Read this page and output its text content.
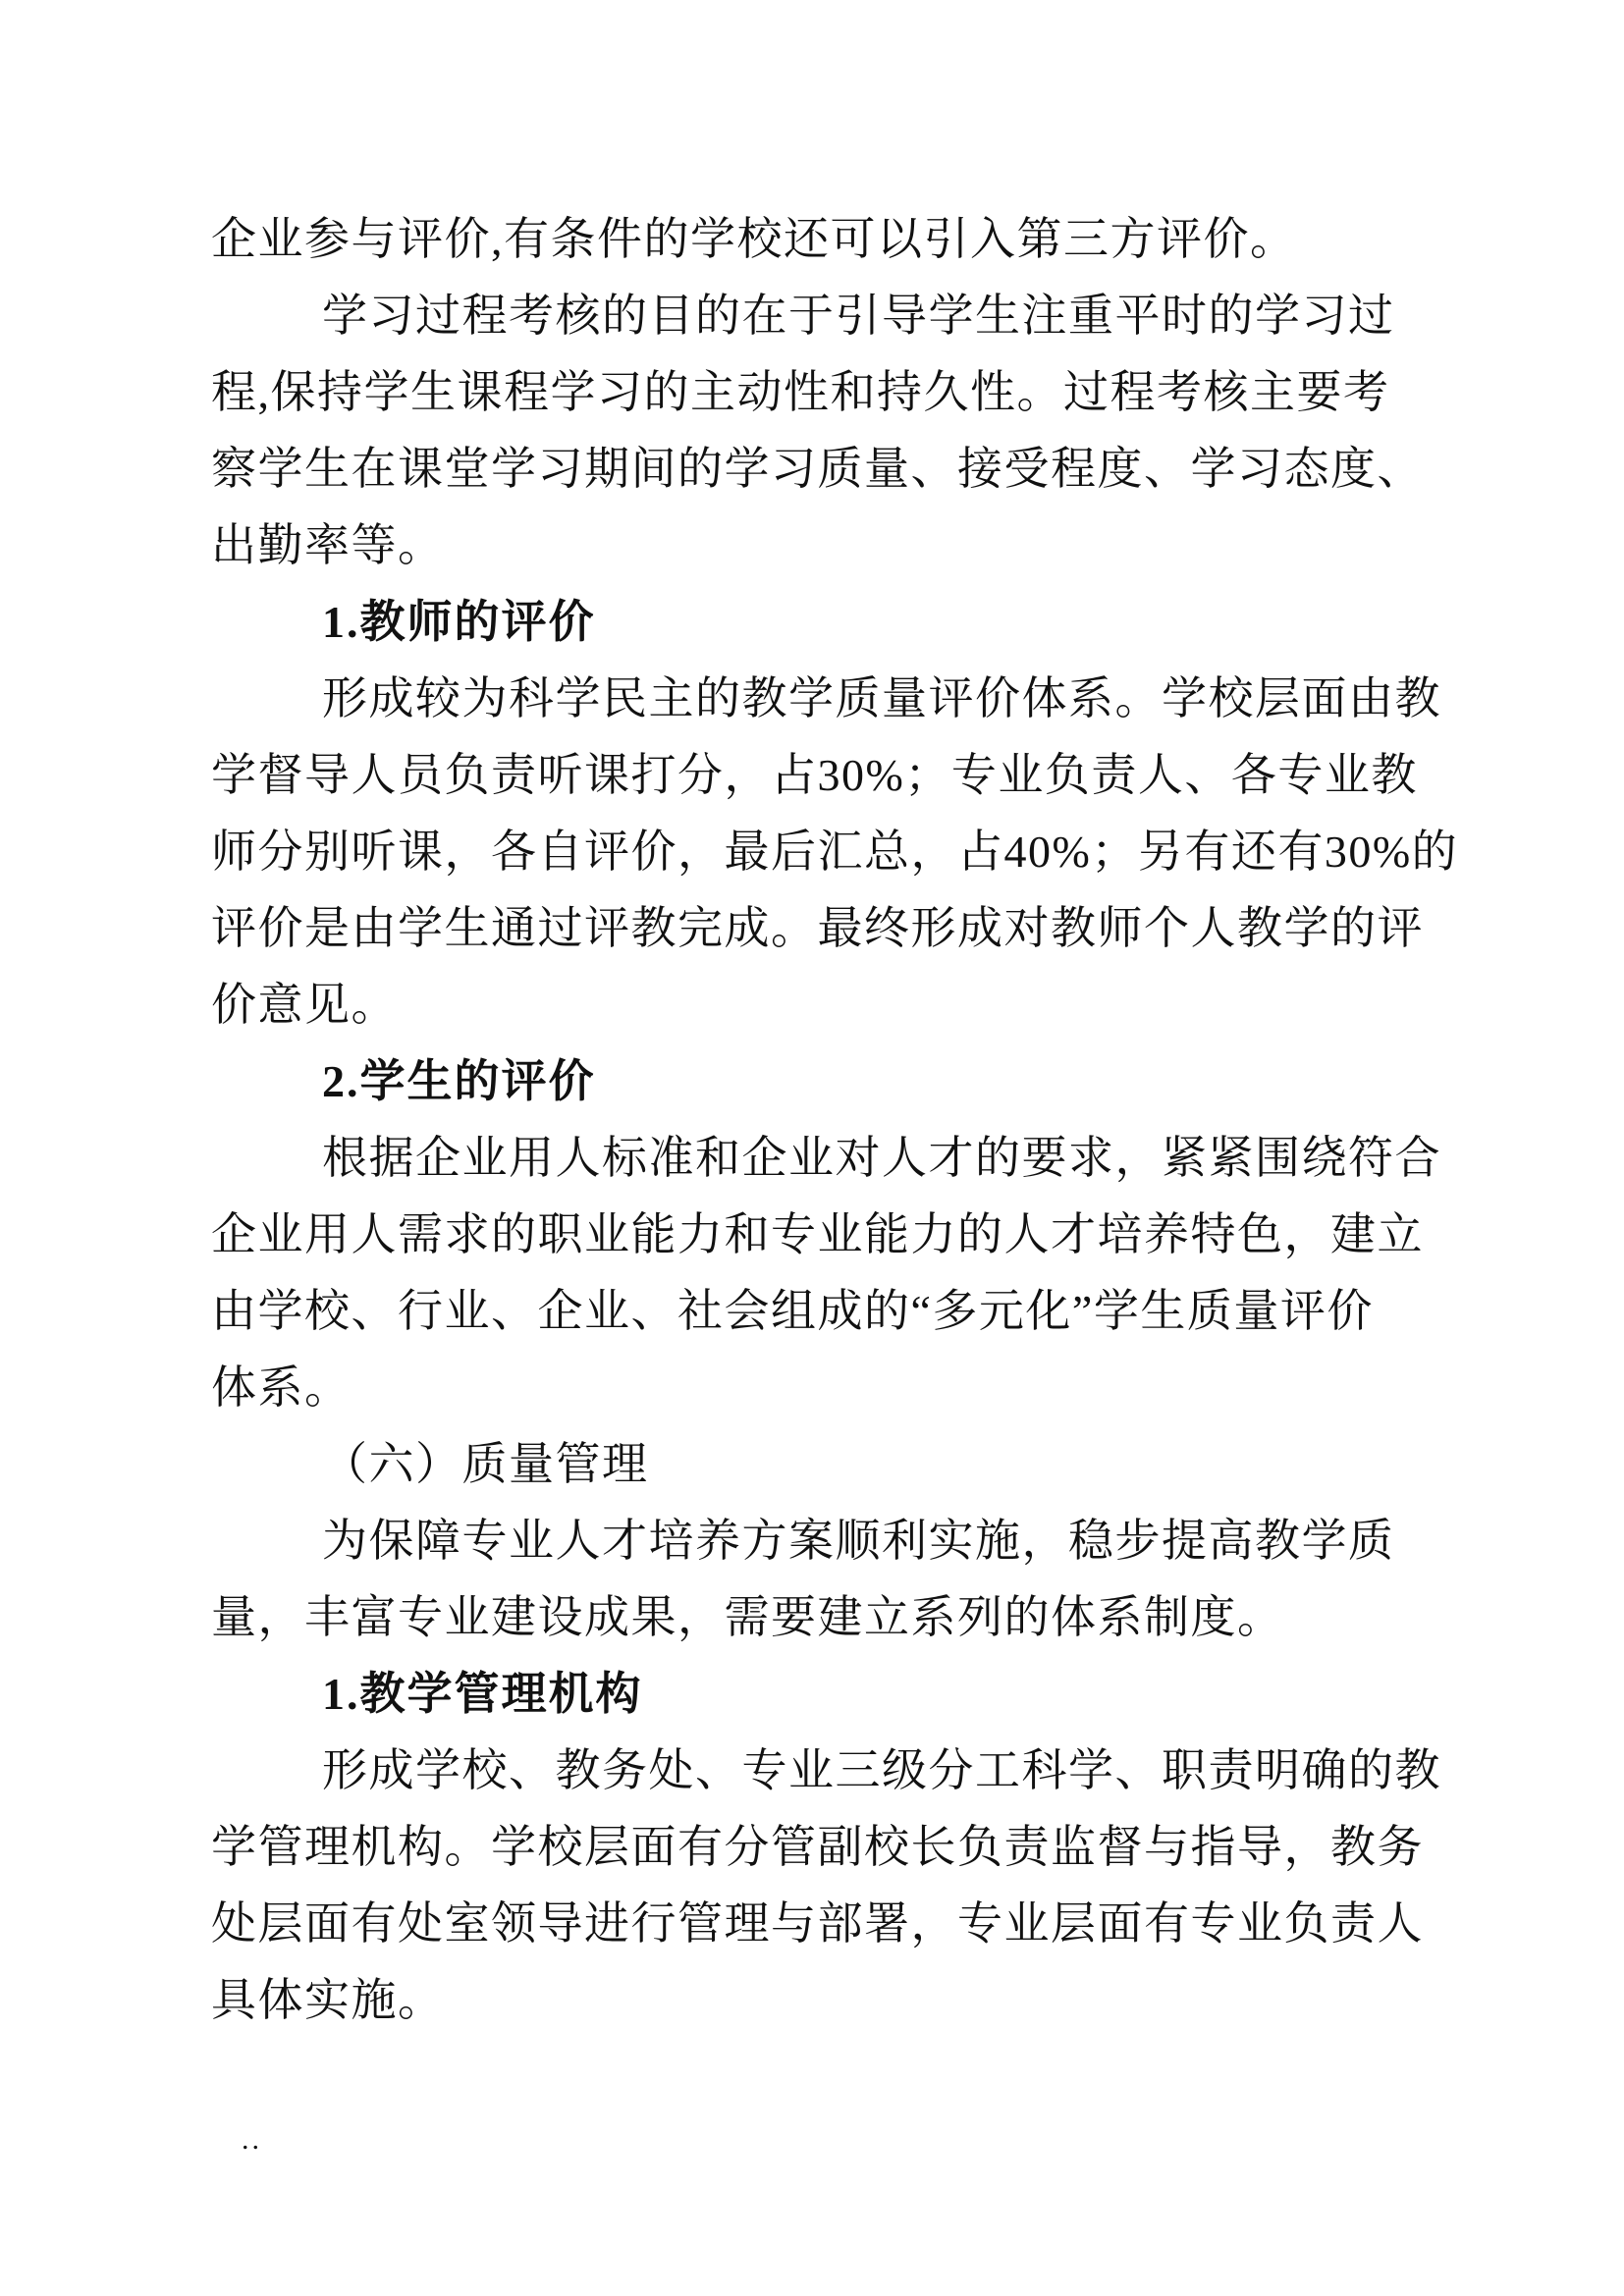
企业参与评价,有条件的学校还可以引入第三方评价。
学习过程考核的目的在于引导学生注重平时的学习过
程,保持学生课程学习的主动性和持久性。过程考核主要考
察学生在课堂学习期间的学习质量、接受程度、学习态度、
出勤率等。
1.教师的评价
形成较为科学民主的教学质量评价体系。学校层面由教
学督导人员负责听课打分，占30%；专业负责人、各专业教
师分别听课，各自评价，最后汇总，占40%；另有还有30%的
评价是由学生通过评教完成。最终形成对教师个人教学的评
价意见。
2.学生的评价
根据企业用人标准和企业对人才的要求，紧紧围绕符合
企业用人需求的职业能力和专业能力的人才培养特色，建立
由学校、行业、企业、社会组成的“多元化”学生质量评价
体系。
（六）质量管理
为保障专业人才培养方案顺利实施，稳步提高教学质
量，丰富专业建设成果，需要建立系列的体系制度。
1.教学管理机构
形成学校、教务处、专业三级分工科学、职责明确的教
学管理机构。学校层面有分管副校长负责监督与指导，教务
处层面有处室领导进行管理与部署，专业层面有专业负责人
具体实施。
..
